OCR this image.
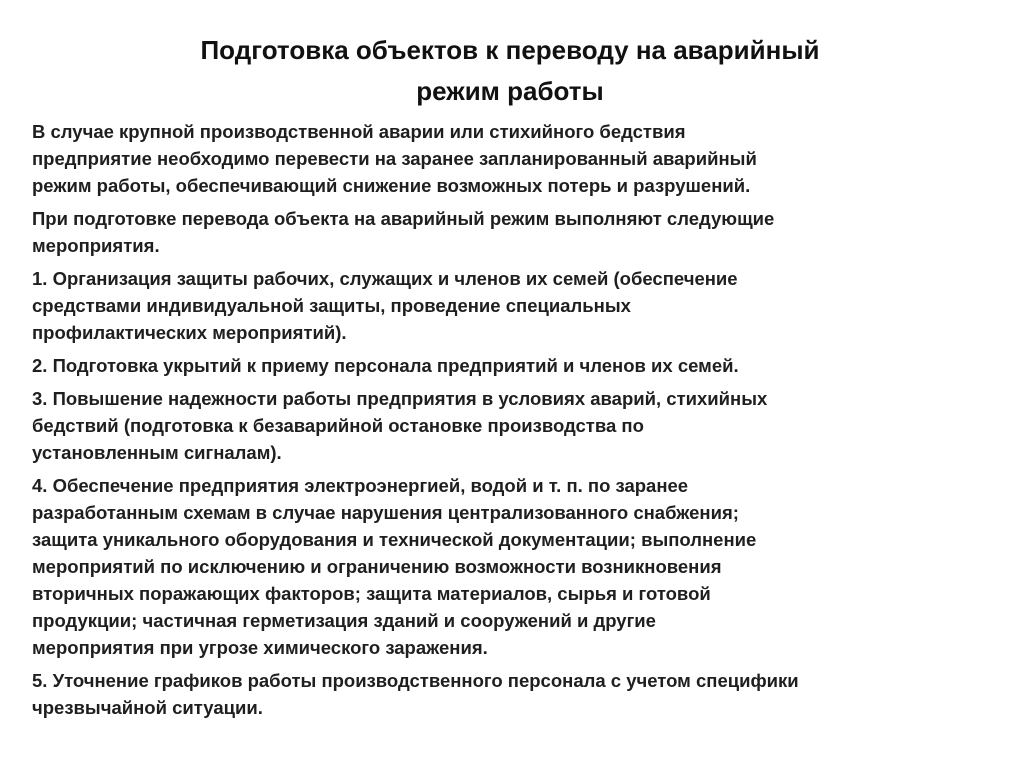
Подготовка объектов к переводу на аварийный
режим работы
В случае крупной производственной аварии или стихийного бедствия
предприятие необходимо перевести на заранее запланированный аварийный
режим работы, обеспечивающий снижение возможных потерь и разрушений.
При подготовке перевода объекта на аварийный режим выполняют следующие
мероприятия.
1. Организация защиты рабочих, служащих и членов их семей (обеспечение
средствами индивидуальной защиты, проведение специальных
профилактических мероприятий).
2. Подготовка укрытий к приему персонала предприятий и членов их семей.
3. Повышение надежности работы предприятия в условиях аварий, стихийных
бедствий (подготовка к безаварийной остановке производства по
установленным сигналам).
4. Обеспечение предприятия электроэнергией, водой и т. п. по заранее
разработанным схемам в случае нарушения централизованного снабжения;
защита уникального оборудования и технической документации; выполнение
мероприятий по исключению и ограничению возможности возникновения
вторичных поражающих факторов; защита материалов, сырья и готовой
продукции; частичная герметизация зданий и сооружений и другие
мероприятия при угрозе химического заражения.
5. Уточнение графиков работы производственного персонала с учетом специфики
чрезвычайной ситуации.
